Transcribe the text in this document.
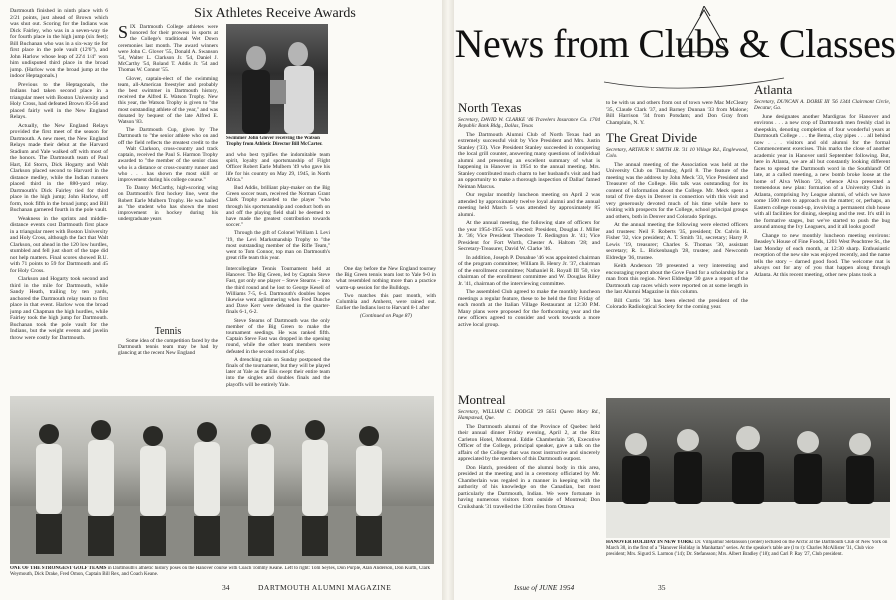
Dartmouth finished in ninth place with 6 2/21 points, just ahead of Brown which was shut out. Scoring for the Indians was Dick Fairley, who was in a seven-way tie for fourth place in the high jump (six feet); Bill Buchanan who was in a six-way tie for first place in the pole vault (12'6"), and John Harlow whose leap of 22'4 1/4" won him undisputed third place in the broad jump. (Harlow won the broad jump at the indoor Heptagonals.)

Previous to the Heptagonals, the Indians had taken second place in a triangular meet with Boston University and Holy Cross, had defeated Brown 83-56 and placed fairly well in the New England Relays.

Actually, the New England Relays provided the first meet of the season for Dartmouth. A new meet, the New England Relays made their debut at the Harvard Stadium and Yale walked off with most of the honors. The Dartmouth team of Paul Hart, Ed Storrs, Dick Hogarty and Walt Clarkson placed second to Harvard in the distance medley, while the Indian runners placed third in the 880-yard relay. Dartmouth's Dick Fairley tied for third place in the high jump; John Harlow, off form, took fifth in the broad jump; and Bill Buchanan garnered fourth in the pole vault.

Weakness in the sprints and middle-distance events cost Dartmouth first place in a triangular meet with Boston University and Holy Cross, although the fact that Walt Clarkson, out ahead in the 120 low hurdles, stumbled and fell just short of the tape did not help matters. Final scores showed B.U. with 71 points to 59 for Dartmouth and 45 for Holy Cross.

Clarkson and Hogarty took second and third in the mile for Dartmouth, while Sandy Heath, trailing by ten yards, anchored the Dartmouth relay team to first place in that event. Harlow won the broad jump and Chapman the high hurdles, while Fairley took the high jump for Dartmouth. Buchanan took the pole vault for the Indians, but the weight events and javelin throw were costly for Dartmouth.

SIX Dartmouth College athletes were honored for their prowess in sports at the College's traditional Wet Down ceremonies last month. The award winners were John C. Glover '55, Donald A. Swanson '54, Walter L. Clarkson Jr. '54, Daniel J. McCarthy '54, Roland T. Addis Jr. '54 and Thomas W. Connor '55.

Glover, captain-elect of the swimming team, all-American freestyler and probably the best swimmer in Dartmouth history, received the Alfred E. Watson Trophy. New this year, the Watson Trophy is given to "the most outstanding athlete of the year," and was donated by bequest of the late Alfred E. Watson '83.

The Dartmouth Cup, given by The Dartmouth to "the senior athlete who on and off the field reflects the greatest credit to the

Six Athletes Receive Awards

Walt Clarkson, cross-country and track captain, received the Paul S. Harmon Trophy awarded to "the member of the senior class who is a distance or cross-country runner and who . . . has shown the most skill or improvement during his college course."

To Danny McCarthy, high-scoring wing on Dartmouth's first hockey line, went the Robert Earle Mulbern Trophy. He was hailed as "the student who has shown the most improvement in hockey during his undergraduate years

Swimmer John Glover receiving the Watson Trophy from Athletic Director Bill McCarter.

and who best typifies the indomitable team spirit, loyalty and sportsmanship of Flight Officer Robert Earle Mulbern '49 who gave his life for his country on May 29, 1945, in North Africa."

Bud Addis, brilliant play-maker on the Big Green soccer team, received the Norman Grant Clark Trophy awarded to the player "who through his sportsmanship and conduct both on and off the playing field shall be deemed to have made the greatest contribution towards soccer."

Through the gift of Colonel William I. Levi '19, the Levi Marksmanship Trophy to "the most outstanding member of the Rifle Team," went to Tom Connor, top man on Dartmouth's great rifle team this year.

Tennis

Some idea of the competition faced by the Dartmouth tennis team may be had by glancing at the recent New England

Intercollegiate Tennis Tournament held at Hanover. The Big Green, led by Captain Steve Fast, got only one player – Steve Stearns – into the third round and he lost to George Kesell of Williams 7-5, 6-4. Dartmouth's doubles hopes likewise went aglimmering when Fred Dunche and Dave Kerr were defeated in the quarter-finals 6-1, 6-2.

Steve Stearns of Dartmouth was the only member of the Big Green to make the tournament seedings. He was ranked fifth. Captain Steve Fast was dropped in the opening round, while the other team members were defeated in the second round of play.

A drenching rain on Sunday postponed the finals of the tournament, but they will be played later at Yale as the Elis swept their entire team into the singles and doubles finals and the playoffs will be entirely Yale.

One day before the New England tourney the Big Green tennis team lost to Yale 9-0 in what resembled nothing more than a practice warm-up session for the Bulldogs.

Two matches this past month, with Columbia and Amherst, were rained out. Earlier the Indians lost to Harvard 8-1 after

(Continued on Page 87)

ONE OF THE STRONGEST GOLF TEAMS in Dartmouth's athletic history poses on the Hanover course with Coach Tommy Keane. Left to right: Tom Seyles, Don Purple, Alan Anderson, Don Kurth, Clark Weymouth, Dick Drake, Fred Omon, Captain Bill Rex, and Coach Keane.
34	DARTMOUTH ALUMNI MAGAZINE
News from Clubs & Classes
North Texas

Secretary, DAVID W. CLARKE '46 Travelers Insurance Co. 1704 Republic Bank Bldg., Dallas, Texas

The Dartmouth Alumni Club of North Texas had an extremely successful visit by Vice President and Mrs. Justin Stanley ('33). Vice President Stanley succeeded in conquering the local grill counter, answering many questions of individual alumni and presenting an excellent summary of what is happening in Hanover in 1954 to the annual meeting. Mrs. Stanley contributed much charm to her husband's visit and had an opportunity to make a thorough inspection of Dallas' famed Neiman Marcus.

Our regular monthly luncheon meeting on April 2 was attended by approximately twelve loyal alumni and the annual meeting held March 5 was attended by approximately 85 alumni.

At the annual meeting, the following slate of officers for the year 1954-1955 was elected: President, Douglas J. Miller Jr. '36; Vice President Theodore T. Redington Jr. '41; Vice President for Fort Worth, Chester A. Haltom '28; and Secretary-Treasurer, David W. Clarke '46.

In addition, Joseph P. Donahue '46 was appointed chairman of the program committee; William B. Henry Jr. '37, chairman of the enrollment committee; Nathaniel R. Royall III '50, vice chairman of the enrollment committee and W. Douglas Riley Jr. '41, chairman of the interviewing committee.

The assembled Club agreed to make the monthly luncheon meetings a regular feature, these to be held the first Friday of each month at the Italian Village Restaurant at 12:30 P.M. Many plans were proposed for the forthcoming year and the new officers agreed to consider and work towards a more active local group.

Montreal

Secretary, WILLIAM C. DODGE '29 5651 Queen Mary Rd., Hampstead, Que.

The Dartmouth alumni of the Province of Quebec held their annual dinner Friday evening, April 2, at the Ritz Carleton Hotel, Montreal. Eddie Chamberlain '36, Executive Officer of the College, principal speaker, gave a talk on the affairs of the College that was most instructive and sincerely appreciated by the members of this Dartmouth outpost.

Don Hatch, president of the alumni body in this area, presided at the meeting and in a ceremony officiated by Mr. Chamberlain was regaled in a manner in keeping with the authority of his knowledge on the Canadian, but most particularly the Dartmouth, Indian. We were fortunate in having numerous visitors from outside of Montreal; Don Cruikshank '31 travelled the 130 miles from Ottawa

to be with us and others from out of town were Mac McCleary '35, Claude Clark '37, and Barney Dunnan '33 from Malone; Bill Harrison '34 from Potsdam; and Don Gray from Champlain, N. Y.

The Great Divide

Secretary, ARTHUR V. SMITH JR. '31 10 Village Rd., Englewood, Colo.

The annual meeting of the Association was held at the University Club on Thursday, April 8. The feature of the meeting was the address by John Meck '33, Vice President and Treasurer of the College. His talk was outstanding for its content of information about the College. Mr. Meck spent a total of five days in Denver in connection with this visit and very generously devoted much of his time while here to visiting with prospects for the College, school principal groups and others, both in Denver and Colorado Springs.

At the annual meeting the following were elected officers and trustees: Neil F. Roberts '35, president; Dr. Calvin H. Fisher '32, vice president; A. T. Smith '31, secretary; Harry P. Lewis '19, treasurer; Charles S. Thomas '30, assistant secretary; R. L. Bickenbaugh '28, trustee; and Newcomb Eldredge '36, trustee.

Keith Anderson '39 presented a very interesting and encouraging report about the Gove Fund for a scholarship for a man from this region. Newt Eldredge '30 gave a report of the Dartmouth cap races which were reported on at some length in the last Alumni Magazine in this column.

Bill Curtis '36 has been elected the president of the Colorado Radiological Society for the coming year.

Atlanta

Secretary, DUNCAN A. DOBIE III '56 1344 Clairmont Circle, Decatur, Ga.

June designates another Mardigras for Hanover and environs . . . a new crop of Dartmouth men freshly clad in sheepskin, denoting completion of four wonderful years at Dartmouth College . . . the Bema, clay pipes . . . all behind now . . . visitors and old alumni for the formal Commencement exercises. This marks the close of another academic year in Hanover until September following. But, here in Atlanta, we are all but constantly looking different faces to spread the Dartmouth word in the Southland! Of late, at a called meeting, a new bomb broke loose at the home of Alva Wilson '23, whence Alva presented a tremendous new plan: formation of a University Club in Atlanta, comprising Ivy League alumni, of which we have some 1500 men to approach on the matter; or, perhaps, an Eastern college round-up, involving a permanent club house with all facilities for dining, sleeping and the rest. It's still in the formative stages, but we've started to push the bug around among the Ivy Leaguers, and it all looks good!

Change to new monthly luncheon meeting environs: Beasley's House of Fine Foods, 1201 West Peachtree St., the last Monday of each month, at 12:30 sharp. Enthusiastic reception of the new site was enjoyed recently, and the name tells the story – darned good food. The welcome mat is always out for any of you that happen along through Atlanta. At this recent meeting, other new plans took a

HANOVER HOLIDAY IN NEW YORK: Dr. Vilhjalmur Stefansson (center) lectured on the Arctic at the Dartmouth Club of New York on March 30, in the first of a "Hanover Holiday in Manhattan" series. At the speaker's table are (l to r): Charles McAllister '31, Club vice president; Mrs. Sigurd S. Larmon ('14); Dr. Stefansson; Mrs. Albert Bradley ('18); and Carl P. Ray '27, Club president.
Issue of JUNE 1954	35
